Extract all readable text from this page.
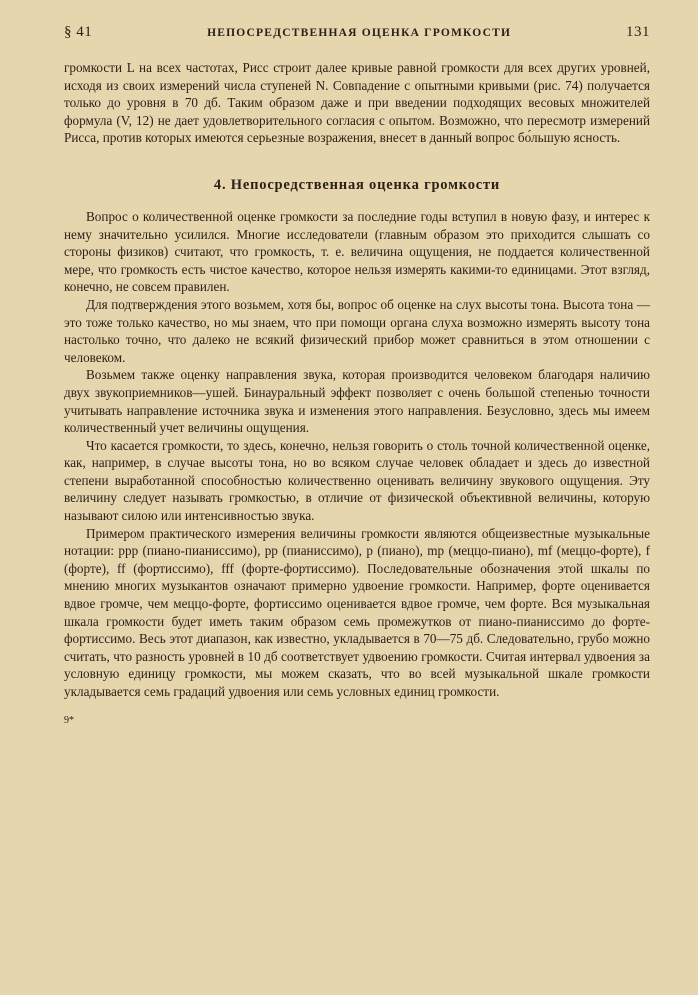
§ 41	НЕПОСРЕДСТВЕННАЯ ОЦЕНКА ГРОМКОСТИ	131

громкости L на всех частотах, Рисс строит далее кривые равной громкости для всех других уровней, исходя из своих измерений числа ступеней N. Совпадение с опытными кривыми (рис. 74) получается только до уровня в 70 дб. Таким образом даже и при введении подходящих весовых множителей формула (V, 12) не дает удовлетворительного согласия с опытом. Возможно, что пересмотр измерений Рисса, против которых имеются серьезные возражения, внесет в данный вопрос бо́льшую ясность.

4. Непосредственная оценка громкости

Вопрос о количественной оценке громкости за последние годы вступил в новую фазу, и интерес к нему значительно усилился. Многие исследователи (главным образом это приходится слышать со стороны физиков) считают, что громкость, т. е. величина ощущения, не поддается количественной мере, что громкость есть чистое качество, которое нельзя измерять какими-то единицами. Этот взгляд, конечно, не совсем правилен.

Для подтверждения этого возьмем, хотя бы, вопрос об оценке на слух высоты тона. Высота тона — это тоже только качество, но мы знаем, что при помощи органа слуха возможно измерять высоту тона настолько точно, что далеко не всякий физический прибор может сравниться в этом отношении с человеком.

Возьмем также оценку направления звука, которая производится человеком благодаря наличию двух звукоприемников—ушей. Бинауральный эффект позволяет с очень большой степенью точности учитывать направление источника звука и изменения этого направления. Безусловно, здесь мы имеем количественный учет величины ощущения.

Что касается громкости, то здесь, конечно, нельзя говорить о столь точной количественной оценке, как, например, в случае высоты тона, но во всяком случае человек обладает и здесь до известной степени выработанной способностью количественно оценивать величину звукового ощущения. Эту величину следует называть громкостью, в отличие от физической объективной величины, которую называют силою или интенсивностью звука.

Примером практического измерения величины громкости являются общеизвестные музыкальные нотации: ppp (пиано-пианиссимо), pp (пианиссимо), p (пиано), mp (меццо-пиано), mf (меццо-форте), f (форте), ff (фортиссимо), fff (форте-фортиссимо). Последовательные обозначения этой шкалы по мнению многих музыкантов означают примерно удвоение громкости. Например, форте оценивается вдвое громче, чем меццо-форте, фортиссимо оценивается вдвое громче, чем форте. Вся музыкальная шкала громкости будет иметь таким образом семь промежутков от пиано-пианиссимо до форте-фортиссимо. Весь этот диапазон, как известно, укладывается в 70—75 дб. Следовательно, грубо можно считать, что разность уровней в 10 дб соответствует удвоению громкости. Считая интервал удвоения за условную единицу громкости, мы можем сказать, что во всей музыкальной шкале громкости укладывается семь градаций удвоения или семь условных единиц громкости.

9*
